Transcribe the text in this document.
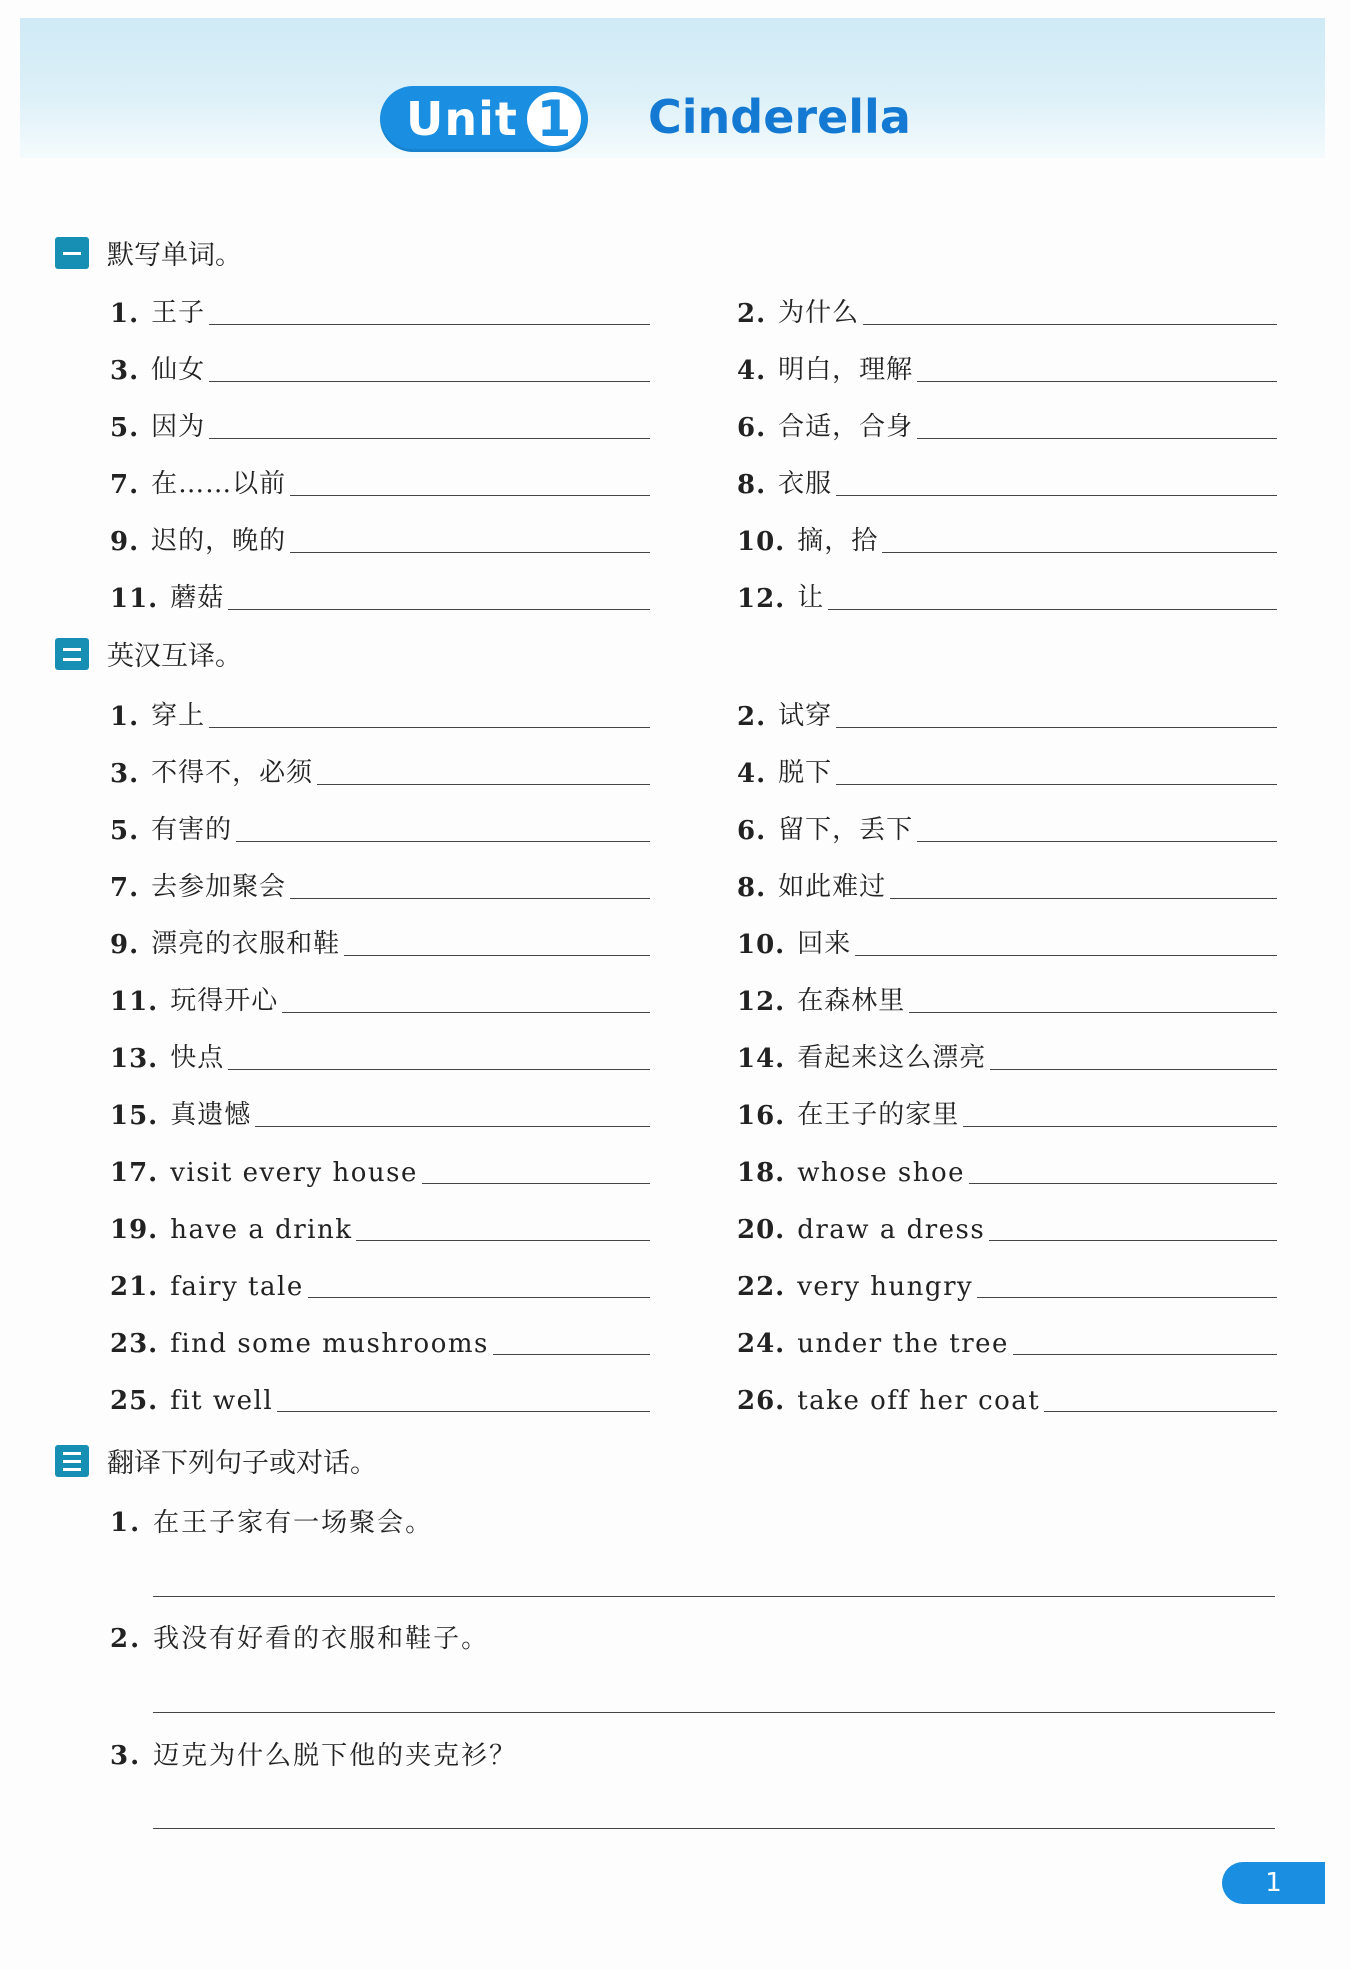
Unit 1 Cinderella
默写单词。
1. 王子	2. 为什么
3. 仙女	4. 明白，理解
5. 因为	6. 合适，合身
7. 在……以前	8. 衣服
9. 迟的，晚的	10. 摘，拾
11. 蘑菇	12. 让
英汉互译。
1. 穿上	2. 试穿
3. 不得不，必须	4. 脱下
5. 有害的	6. 留下，丢下
7. 去参加聚会	8. 如此难过
9. 漂亮的衣服和鞋	10. 回来
11. 玩得开心	12. 在森林里
13. 快点	14. 看起来这么漂亮
15. 真遗憾	16. 在王子的家里
17. visit every house	18. whose shoe
19. have a drink	20. draw a dress
21. fairy tale	22. very hungry
23. find some mushrooms	24. under the tree
25. fit well	26. take off her coat
翻译下列句子或对话。
1. 在王子家有一场聚会。
2. 我没有好看的衣服和鞋子。
3. 迈克为什么脱下他的夹克衫？
1
